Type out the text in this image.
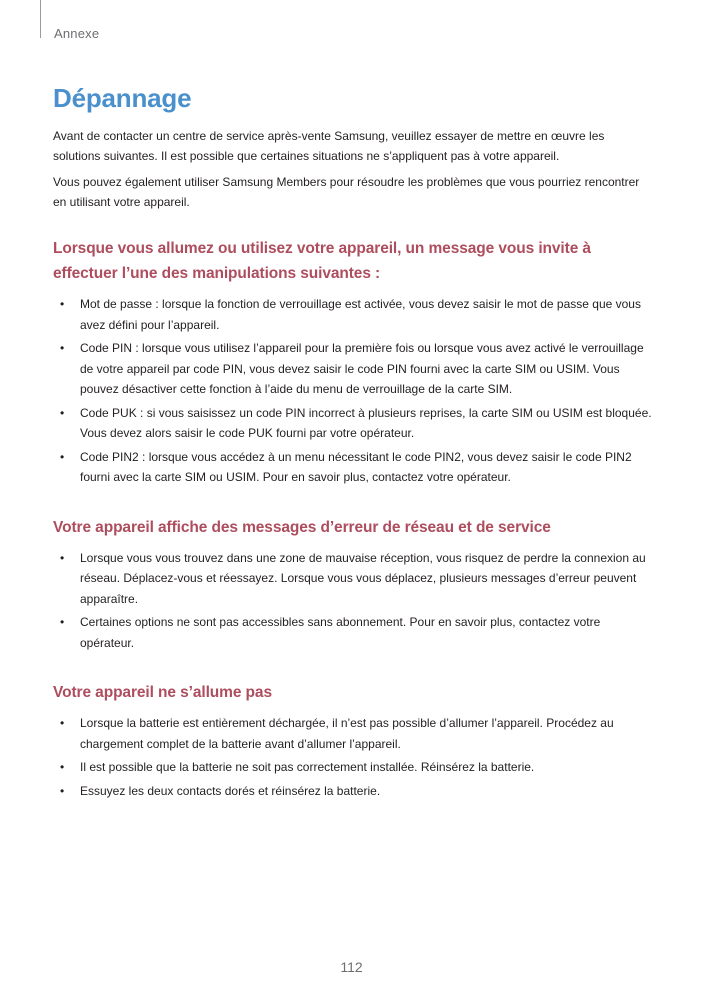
Annexe
Dépannage

Avant de contacter un centre de service après-vente Samsung, veuillez essayer de mettre en œuvre les solutions suivantes. Il est possible que certaines situations ne s’appliquent pas à votre appareil.

Vous pouvez également utiliser Samsung Members pour résoudre les problèmes que vous pourriez rencontrer en utilisant votre appareil.

Lorsque vous allumez ou utilisez votre appareil, un message vous invite à effectuer l’une des manipulations suivantes :
• Mot de passe : lorsque la fonction de verrouillage est activée, vous devez saisir le mot de passe que vous avez défini pour l’appareil.
• Code PIN : lorsque vous utilisez l’appareil pour la première fois ou lorsque vous avez activé le verrouillage de votre appareil par code PIN, vous devez saisir le code PIN fourni avec la carte SIM ou USIM. Vous pouvez désactiver cette fonction à l’aide du menu de verrouillage de la carte SIM.
• Code PUK : si vous saisissez un code PIN incorrect à plusieurs reprises, la carte SIM ou USIM est bloquée. Vous devez alors saisir le code PUK fourni par votre opérateur.
• Code PIN2 : lorsque vous accédez à un menu nécessitant le code PIN2, vous devez saisir le code PIN2 fourni avec la carte SIM ou USIM. Pour en savoir plus, contactez votre opérateur.
Votre appareil affiche des messages d’erreur de réseau et de service
• Lorsque vous vous trouvez dans une zone de mauvaise réception, vous risquez de perdre la connexion au réseau. Déplacez-vous et réessayez. Lorsque vous vous déplacez, plusieurs messages d’erreur peuvent apparaître.
• Certaines options ne sont pas accessibles sans abonnement. Pour en savoir plus, contactez votre opérateur.
Votre appareil ne s’allume pas
• Lorsque la batterie est entièrement déchargée, il n’est pas possible d’allumer l’appareil. Procédez au chargement complet de la batterie avant d’allumer l’appareil.
• Il est possible que la batterie ne soit pas correctement installée. Réinsérez la batterie.
• Essuyez les deux contacts dorés et réinsérez la batterie.
112
